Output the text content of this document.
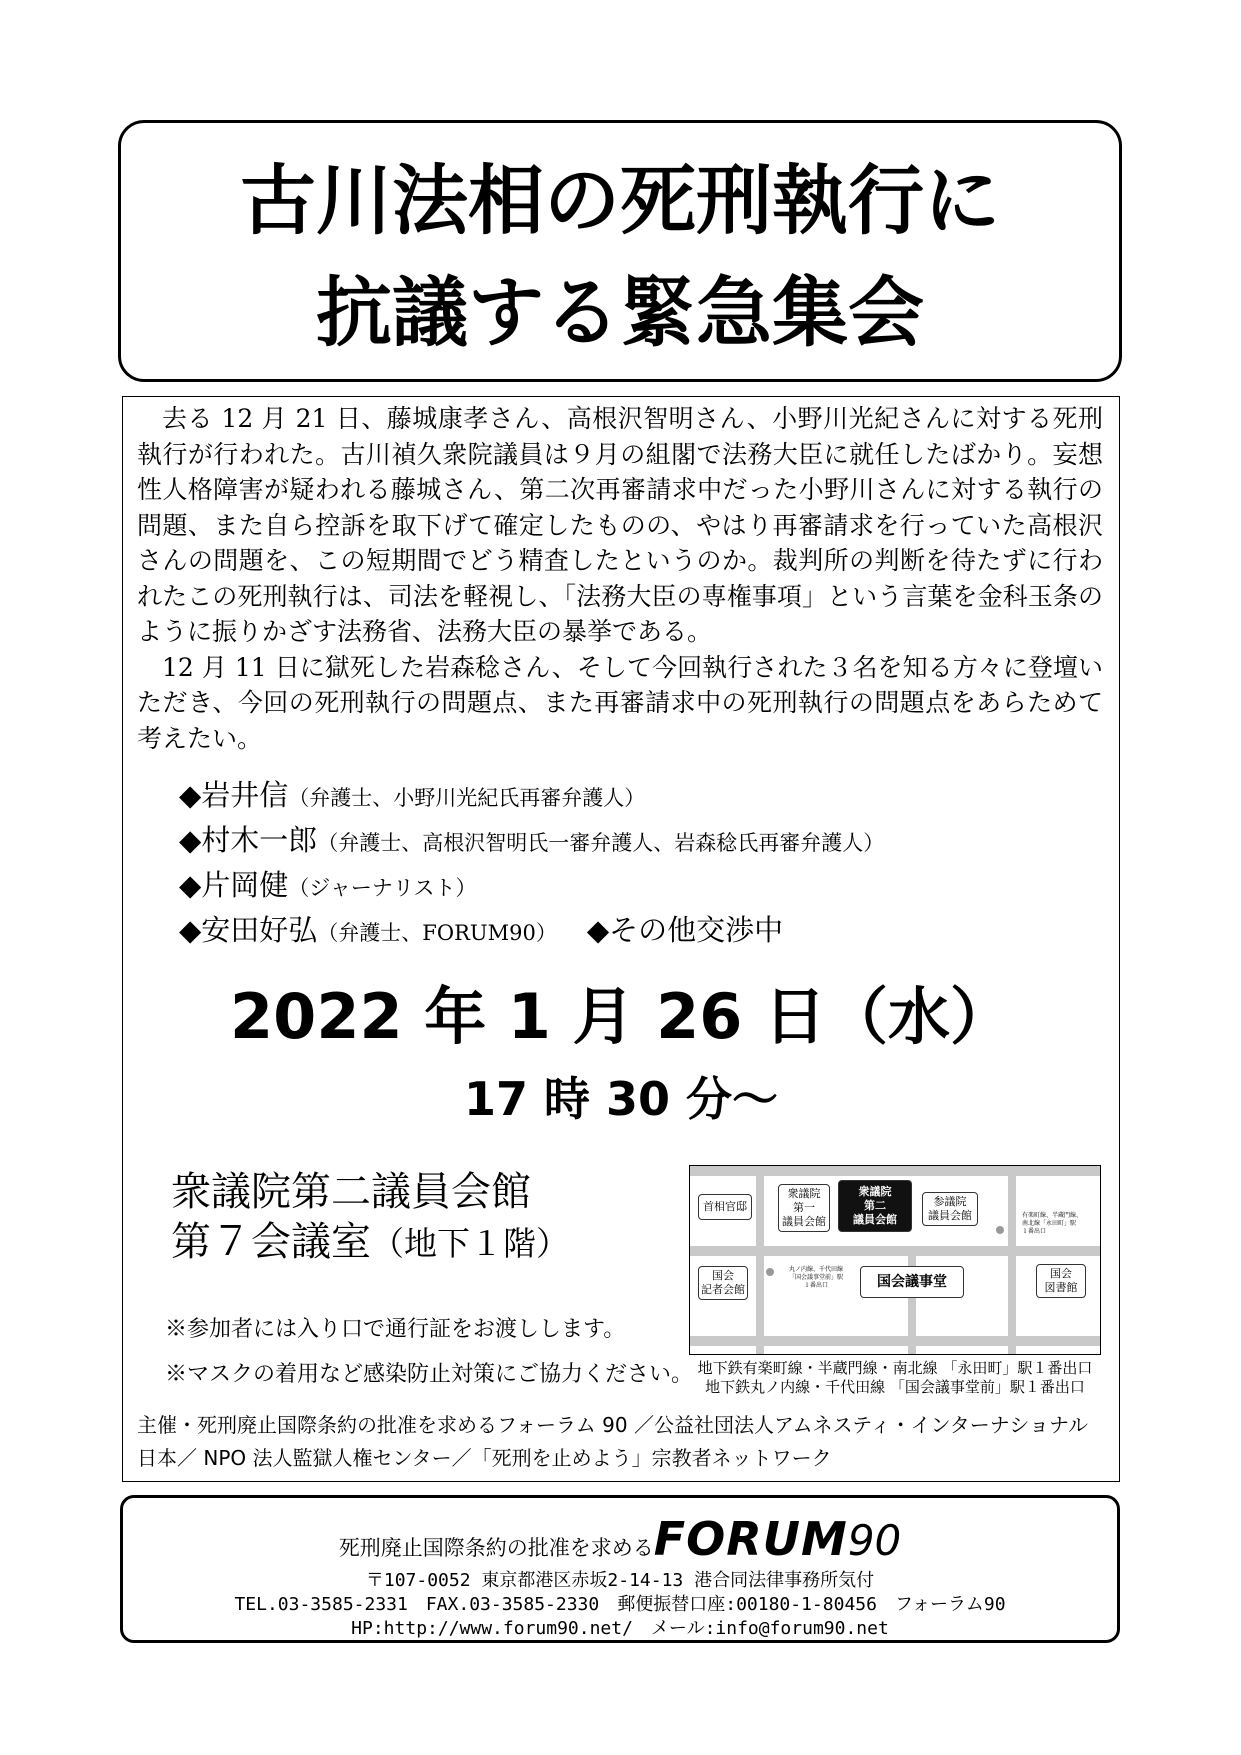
古川法相の死刑執行に
抗議する緊急集会

去る 12 月 21 日、藤城康孝さん、高根沢智明さん、小野川光紀さんに対する死刑執行が行われた。古川禎久衆院議員は９月の組閣で法務大臣に就任したばかり。妄想性人格障害が疑われる藤城さん、第二次再審請求中だった小野川さんに対する執行の問題、また自ら控訴を取下げて確定したものの、やはり再審請求を行っていた高根沢さんの問題を、この短期間でどう精査したというのか。裁判所の判断を待たずに行われたこの死刑執行は、司法を軽視し、「法務大臣の専権事項」という言葉を金科玉条のように振りかざす法務省、法務大臣の暴挙である。

12 月 11 日に獄死した岩森稔さん、そして今回執行された３名を知る方々に登壇いただき、今回の死刑執行の問題点、また再審請求中の死刑執行の問題点をあらためて考えたい。

◆岩井信（弁護士、小野川光紀氏再審弁護人）
◆村木一郎（弁護士、高根沢智明氏一審弁護人、岩森稔氏再審弁護人）
◆片岡健（ジャーナリスト）
◆安田好弘（弁護士、FORUM90） ◆その他交渉中
2022 年 1 月 26 日（水）
17 時 30 分～
衆議院第二議員会館
第７会議室（地下１階）
※参加者には入り口で通行証をお渡しします。
※マスクの着用など感染防止対策にご協力ください。
首相官邸
衆議院
第一
議員会館
衆議院
第二
議員会館
参議院
議員会館	有楽町線、半蔵門線、
南北線「永田町」駅
１番出口
国会
記者会館
丸ノ内線、千代田線
「国会議事堂前」駅
１番出口	国会議事堂
国会
図書館
地下鉄有楽町線・半蔵門線・南北線 「永田町」駅１番出口
地下鉄丸ノ内線・千代田線 「国会議事堂前」駅１番出口
主催・死刑廃止国際条約の批准を求めるフォーラム 90 ／公益社団法人アムネスティ・インターナショナル日本／ NPO 法人監獄人権センター／「死刑を止めよう」宗教者ネットワーク
死刑廃止国際条約の批准を求めるFORUM90
〒107-0052 東京都港区赤坂2-14-13 港合同法律事務所気付
TEL.03-3585-2331　FAX.03-3585-2330　郵便振替口座:00180-1-80456　フォーラム90
HP:http://www.forum90.net/　メール:info@forum90.net
